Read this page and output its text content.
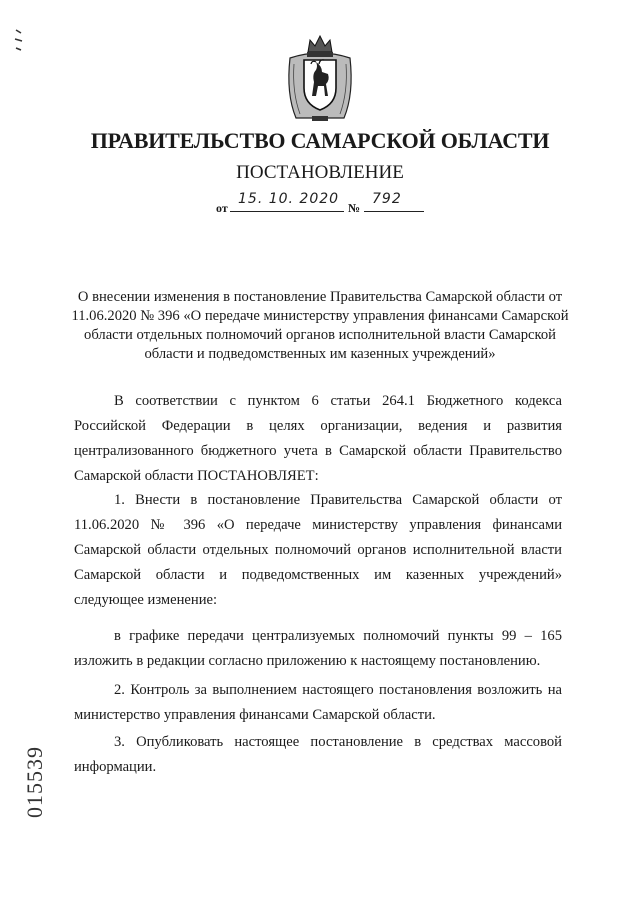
ПРАВИТЕЛЬСТВО САМАРСКОЙ ОБЛАСТИ
ПОСТАНОВЛЕНИЕ
от
15. 10. 2020
№
792
О внесении изменения в постановление Правительства Самарской области от 11.06.2020 № 396 «О передаче министерству управления финансами Самарской области отдельных полномочий органов исполнительной власти Самарской области и подведомственных им казенных учреждений»

В соответствии с пунктом 6 статьи 264.1 Бюджетного кодекса Российской Федерации в целях организации, ведения и развития централизованного бюджетного учета в Самарской области Правительство Самарской области ПОСТАНОВЛЯЕТ:

1. Внести в постановление Правительства Самарской области от 11.06.2020 № 396 «О передаче министерству управления финансами Самарской области отдельных полномочий органов исполнительной власти Самарской области и подведомственных им казенных учреждений» следующее изменение:

в графике передачи централизуемых полномочий пункты 99 – 165 изложить в редакции согласно приложению к настоящему постановлению.

2. Контроль за выполнением настоящего постановления возложить на министерство управления финансами Самарской области.

3. Опубликовать настоящее постановление в средствах массовой информации.

015539
